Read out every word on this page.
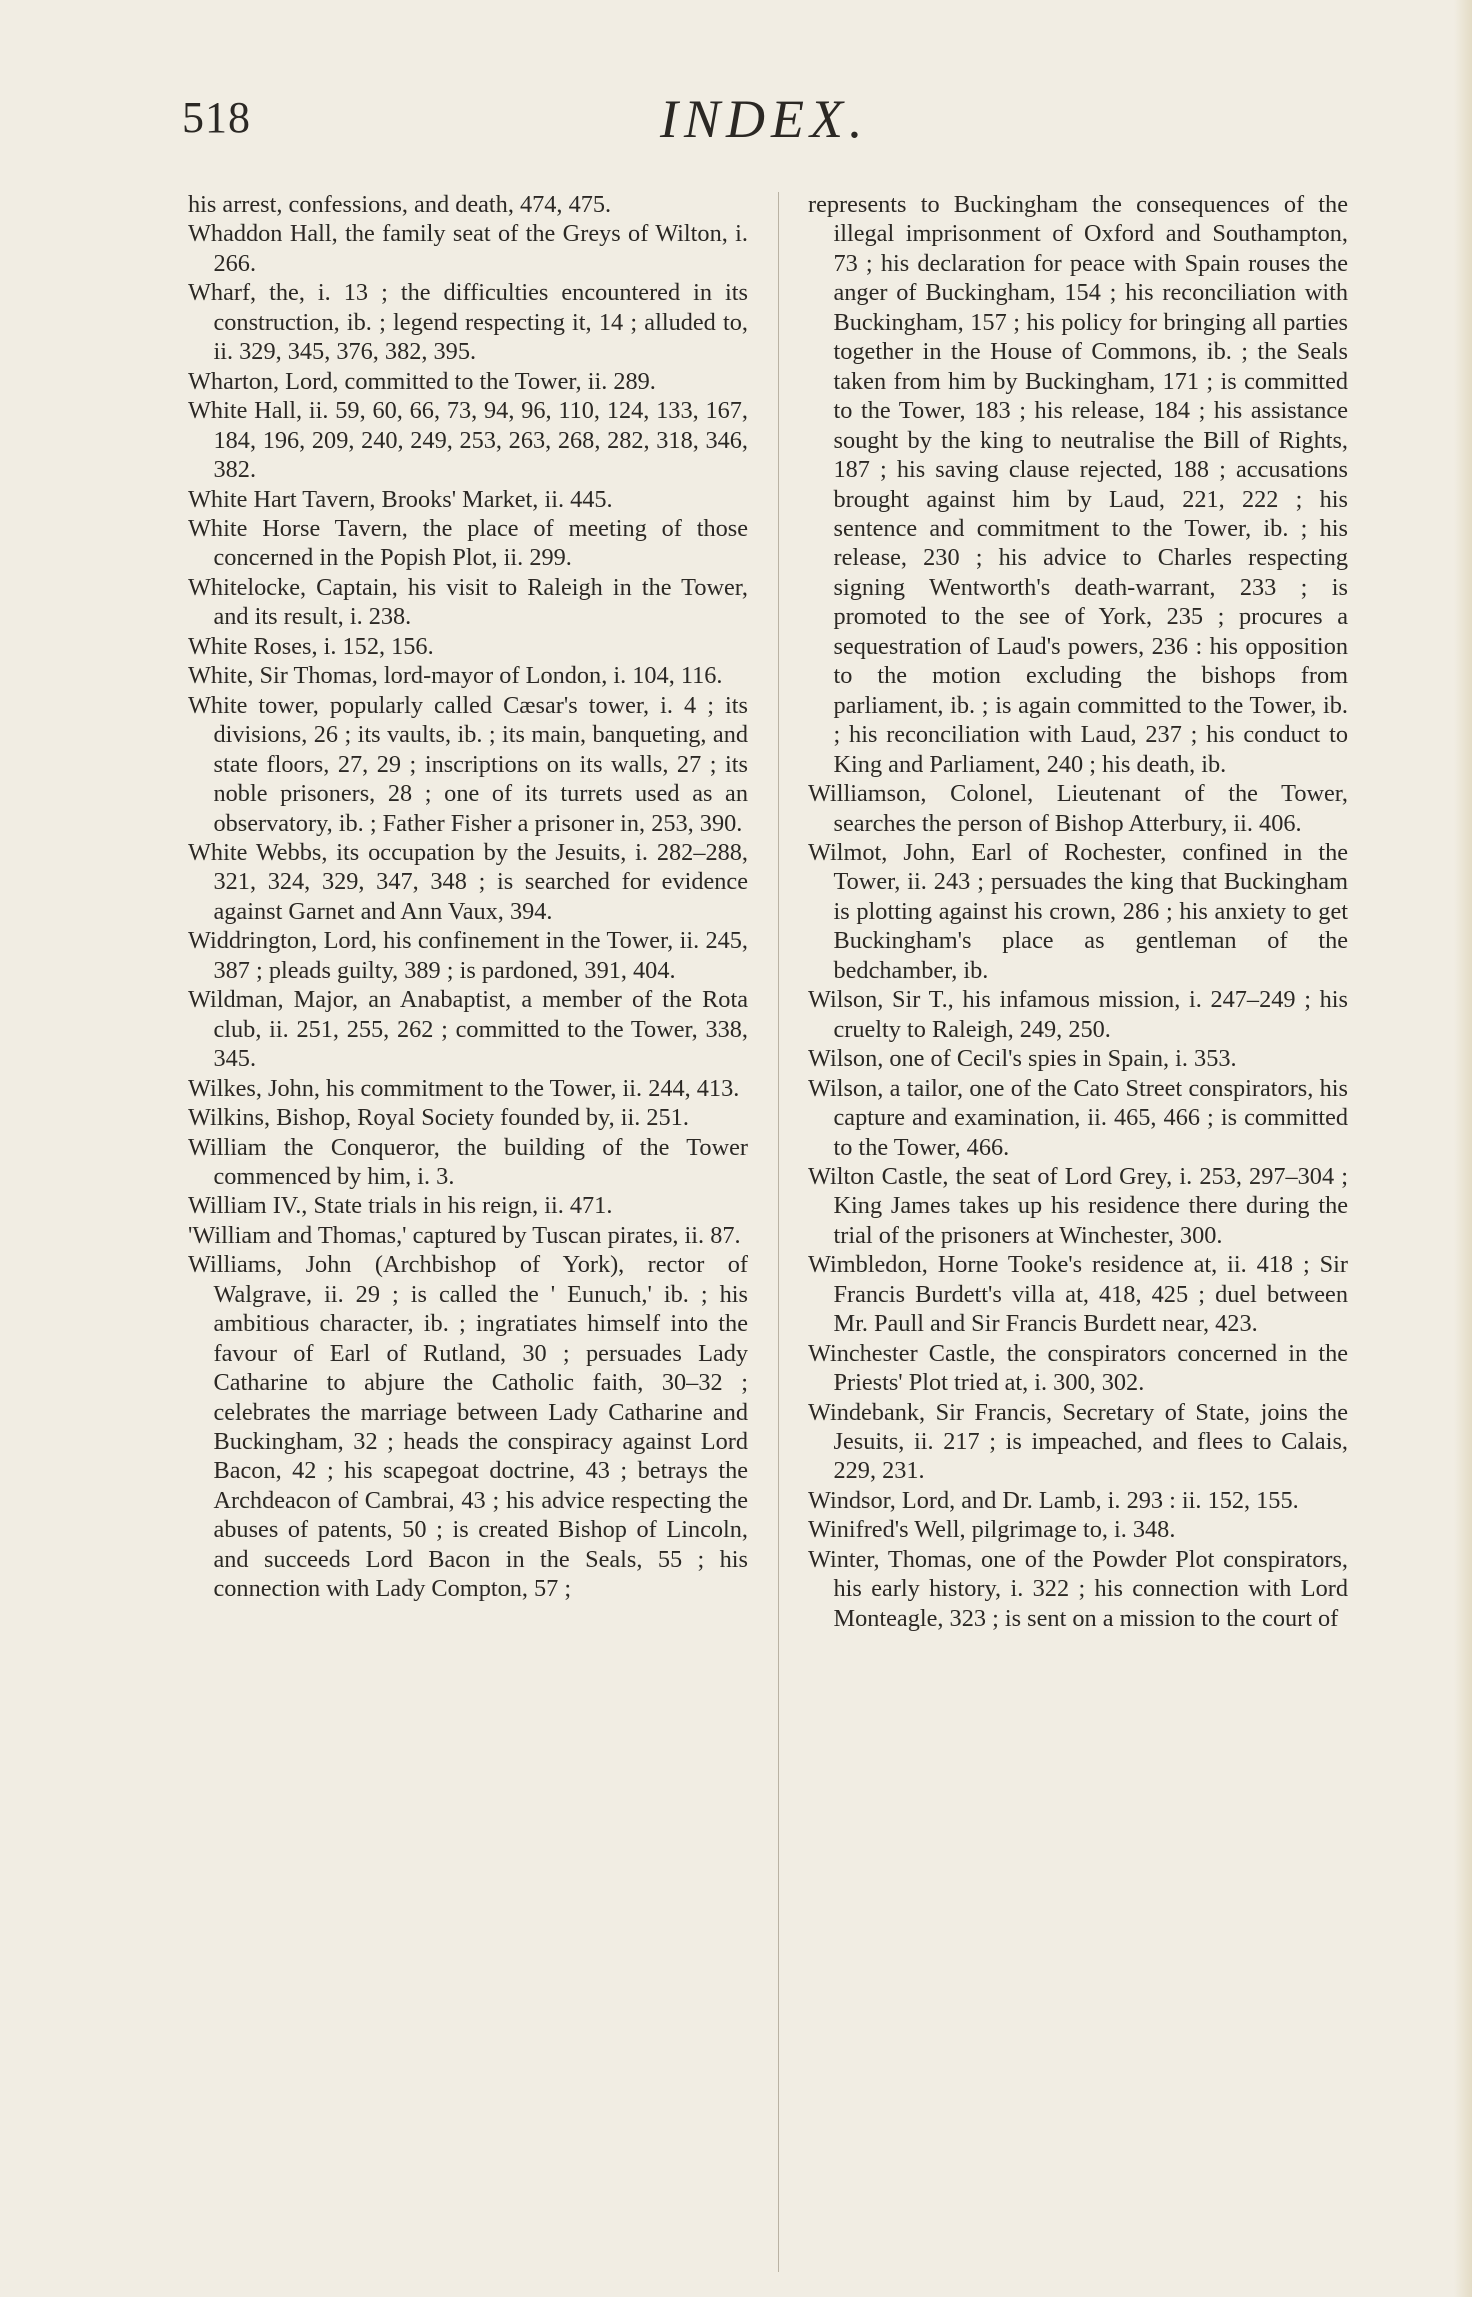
518	INDEX.

his arrest, confessions, and death, 474, 475.

Whaddon Hall, the family seat of the Greys of Wilton, i. 266.

Wharf, the, i. 13 ; the difficulties encountered in its construction, ib. ; legend respecting it, 14 ; alluded to, ii. 329, 345, 376, 382, 395.

Wharton, Lord, committed to the Tower, ii. 289.

White Hall, ii. 59, 60, 66, 73, 94, 96, 110, 124, 133, 167, 184, 196, 209, 240, 249, 253, 263, 268, 282, 318, 346, 382.

White Hart Tavern, Brooks' Market, ii. 445.

White Horse Tavern, the place of meeting of those concerned in the Popish Plot, ii. 299.

Whitelocke, Captain, his visit to Raleigh in the Tower, and its result, i. 238.

White Roses, i. 152, 156.

White, Sir Thomas, lord-mayor of London, i. 104, 116.

White tower, popularly called Cæsar's tower, i. 4 ; its divisions, 26 ; its vaults, ib. ; its main, banqueting, and state floors, 27, 29 ; inscriptions on its walls, 27 ; its noble prisoners, 28 ; one of its turrets used as an observatory, ib. ; Father Fisher a prisoner in, 253, 390.

White Webbs, its occupation by the Jesuits, i. 282–288, 321, 324, 329, 347, 348 ; is searched for evidence against Garnet and Ann Vaux, 394.

Widdrington, Lord, his confinement in the Tower, ii. 245, 387 ; pleads guilty, 389 ; is pardoned, 391, 404.

Wildman, Major, an Anabaptist, a member of the Rota club, ii. 251, 255, 262 ; committed to the Tower, 338, 345.

Wilkes, John, his commitment to the Tower, ii. 244, 413.

Wilkins, Bishop, Royal Society founded by, ii. 251.

William the Conqueror, the building of the Tower commenced by him, i. 3.

William IV., State trials in his reign, ii. 471.

'William and Thomas,' captured by Tuscan pirates, ii. 87.

Williams, John (Archbishop of York), rector of Walgrave, ii. 29 ; is called the ' Eunuch,' ib. ; his ambitious character, ib. ; ingratiates himself into the favour of Earl of Rutland, 30 ; persuades Lady Catharine to abjure the Catholic faith, 30–32 ; celebrates the marriage between Lady Catharine and Buckingham, 32 ; heads the conspiracy against Lord Bacon, 42 ; his scapegoat doctrine, 43 ; betrays the Archdeacon of Cambrai, 43 ; his advice respecting the abuses of patents, 50 ; is created Bishop of Lincoln, and succeeds Lord Bacon in the Seals, 55 ; his connection with Lady Compton, 57 ;

represents to Buckingham the consequences of the illegal imprisonment of Oxford and Southampton, 73 ; his declaration for peace with Spain rouses the anger of Buckingham, 154 ; his reconciliation with Buckingham, 157 ; his policy for bringing all parties together in the House of Commons, ib. ; the Seals taken from him by Buckingham, 171 ; is committed to the Tower, 183 ; his release, 184 ; his assistance sought by the king to neutralise the Bill of Rights, 187 ; his saving clause rejected, 188 ; accusations brought against him by Laud, 221, 222 ; his sentence and commitment to the Tower, ib. ; his release, 230 ; his advice to Charles respecting signing Wentworth's death-warrant, 233 ; is promoted to the see of York, 235 ; procures a sequestration of Laud's powers, 236 : his opposition to the motion excluding the bishops from parliament, ib. ; is again committed to the Tower, ib. ; his reconciliation with Laud, 237 ; his conduct to King and Parliament, 240 ; his death, ib.

Williamson, Colonel, Lieutenant of the Tower, searches the person of Bishop Atterbury, ii. 406.

Wilmot, John, Earl of Rochester, confined in the Tower, ii. 243 ; persuades the king that Buckingham is plotting against his crown, 286 ; his anxiety to get Buckingham's place as gentleman of the bedchamber, ib.

Wilson, Sir T., his infamous mission, i. 247–249 ; his cruelty to Raleigh, 249, 250.

Wilson, one of Cecil's spies in Spain, i. 353.

Wilson, a tailor, one of the Cato Street conspirators, his capture and examination, ii. 465, 466 ; is committed to the Tower, 466.

Wilton Castle, the seat of Lord Grey, i. 253, 297–304 ; King James takes up his residence there during the trial of the prisoners at Winchester, 300.

Wimbledon, Horne Tooke's residence at, ii. 418 ; Sir Francis Burdett's villa at, 418, 425 ; duel between Mr. Paull and Sir Francis Burdett near, 423.

Winchester Castle, the conspirators concerned in the Priests' Plot tried at, i. 300, 302.

Windebank, Sir Francis, Secretary of State, joins the Jesuits, ii. 217 ; is impeached, and flees to Calais, 229, 231.

Windsor, Lord, and Dr. Lamb, i. 293 : ii. 152, 155.

Winifred's Well, pilgrimage to, i. 348.

Winter, Thomas, one of the Powder Plot conspirators, his early history, i. 322 ; his connection with Lord Monteagle, 323 ; is sent on a mission to the court of
